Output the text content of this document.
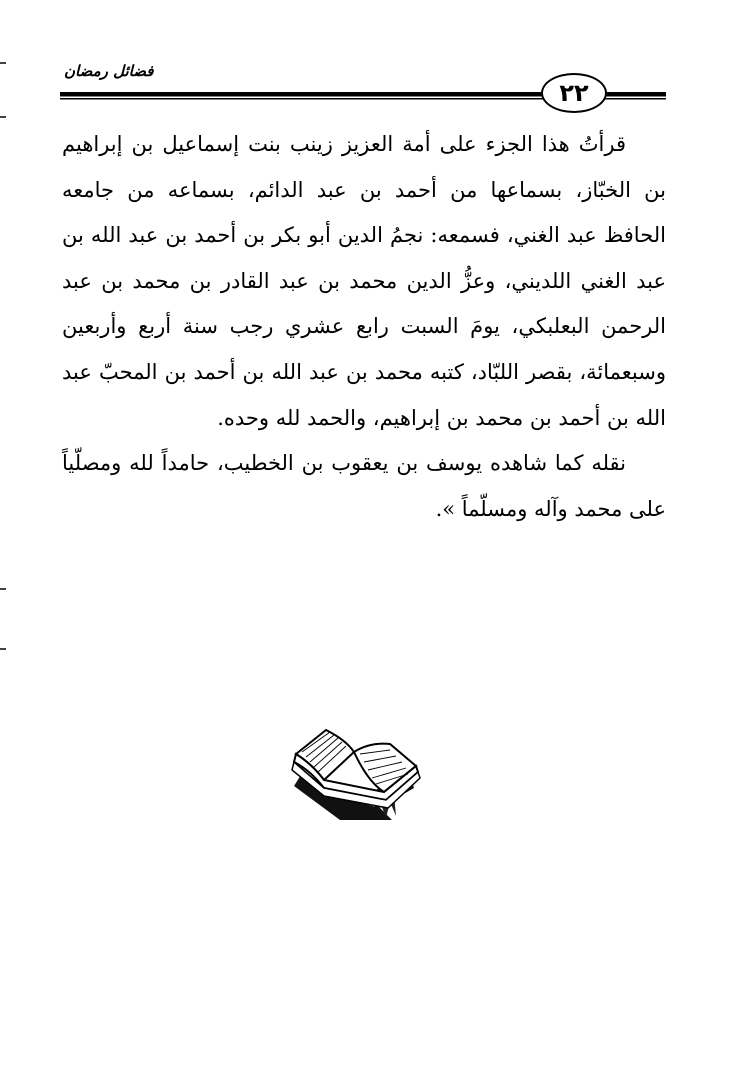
فضائل رمضان
٢٢

قرأتُ هذا الجزء على أمة العزيز زينب بنت إسماعيل بن إبراهيم بن الخبّاز، بسماعها من أحمد بن عبد الدائم، بسماعه من جامعه الحافظ عبد الغني، فسمعه: نجمُ الدين أبو بكر بن أحمد بن عبد الله بن عبد الغني اللديني، وعزُّ الدين محمد بن عبد القادر بن محمد بن عبد الرحمن البعلبكي، يومَ السبت رابع عشري رجب سنة أربع وأربعين وسبعمائة، بقصر اللبّاد، كتبه محمد بن عبد الله بن أحمد بن المحبّ عبد الله بن أحمد بن محمد بن إبراهيم، والحمد لله وحده.

نقله كما شاهده يوسف بن يعقوب بن الخطيب، حامداً لله ومصلّياً على محمد وآله ومسلّماً ».
